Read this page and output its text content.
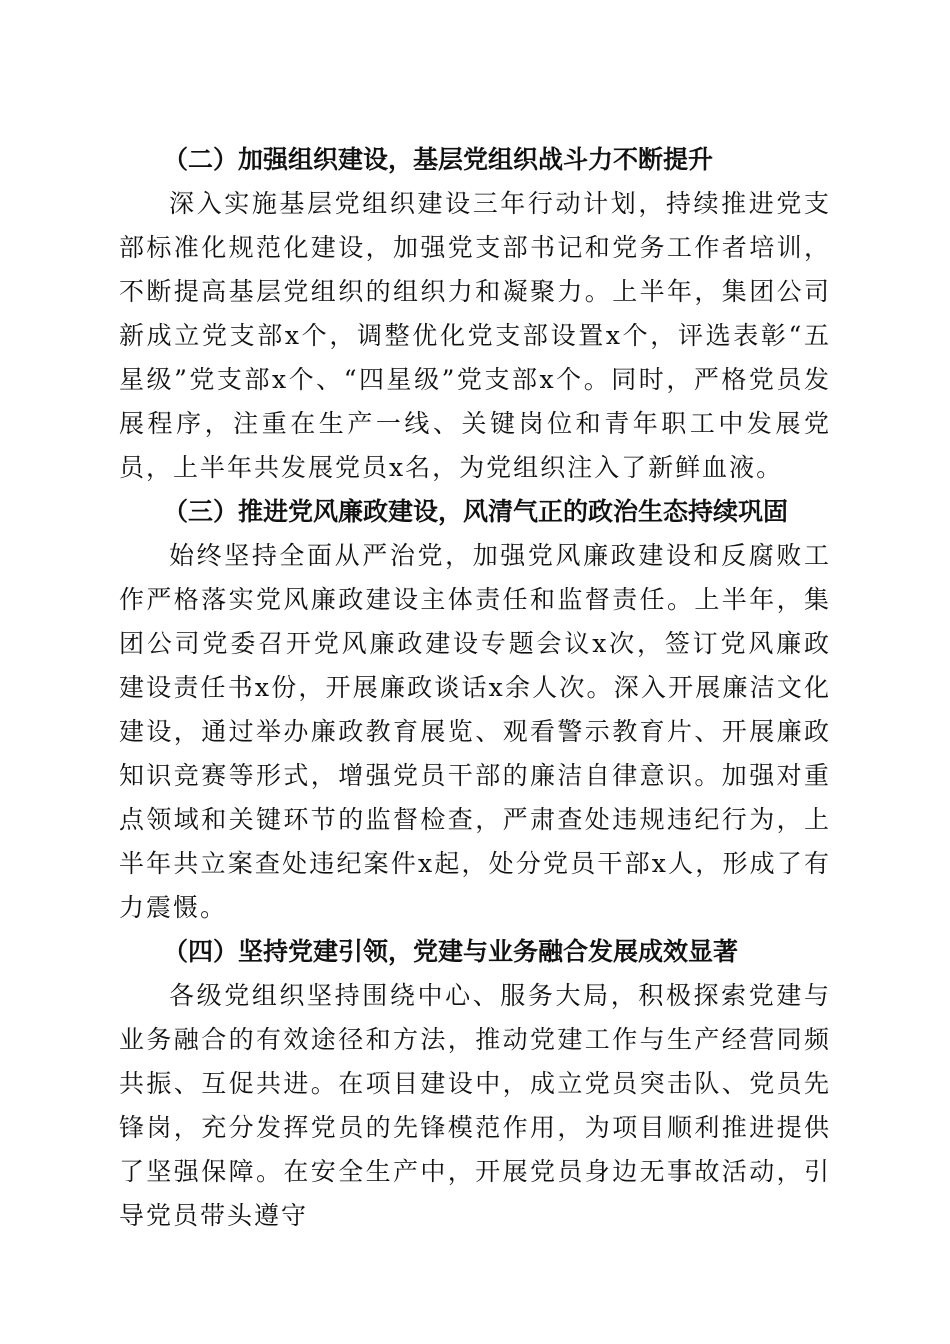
（二）加强组织建设，基层党组织战斗力不断提升

深入实施基层党组织建设三年行动计划，持续推进党支部标准化规范化建设，加强党支部书记和党务工作者培训，不断提高基层党组织的组织力和凝聚力。上半年，集团公司新成立党支部x个，调整优化党支部设置x个，评选表彰“五星级”党支部x个、“四星级”党支部x个。同时，严格党员发展程序，注重在生产一线、关键岗位和青年职工中发展党员，上半年共发展党员x名，为党组织注入了新鲜血液。

（三）推进党风廉政建设，风清气正的政治生态持续巩固

始终坚持全面从严治党，加强党风廉政建设和反腐败工作严格落实党风廉政建设主体责任和监督责任。上半年，集团公司党委召开党风廉政建设专题会议x次，签订党风廉政建设责任书x份，开展廉政谈话x余人次。深入开展廉洁文化建设，通过举办廉政教育展览、观看警示教育片、开展廉政知识竞赛等形式，增强党员干部的廉洁自律意识。加强对重点领域和关键环节的监督检查，严肃查处违规违纪行为，上半年共立案查处违纪案件x起，处分党员干部x人，形成了有力震慑。

（四）坚持党建引领，党建与业务融合发展成效显著

各级党组织坚持围绕中心、服务大局，积极探索党建与业务融合的有效途径和方法，推动党建工作与生产经营同频共振、互促共进。在项目建设中，成立党员突击队、党员先锋岗，充分发挥党员的先锋模范作用，为项目顺利推进提供了坚强保障。在安全生产中，开展党员身边无事故活动，引导党员带头遵守
